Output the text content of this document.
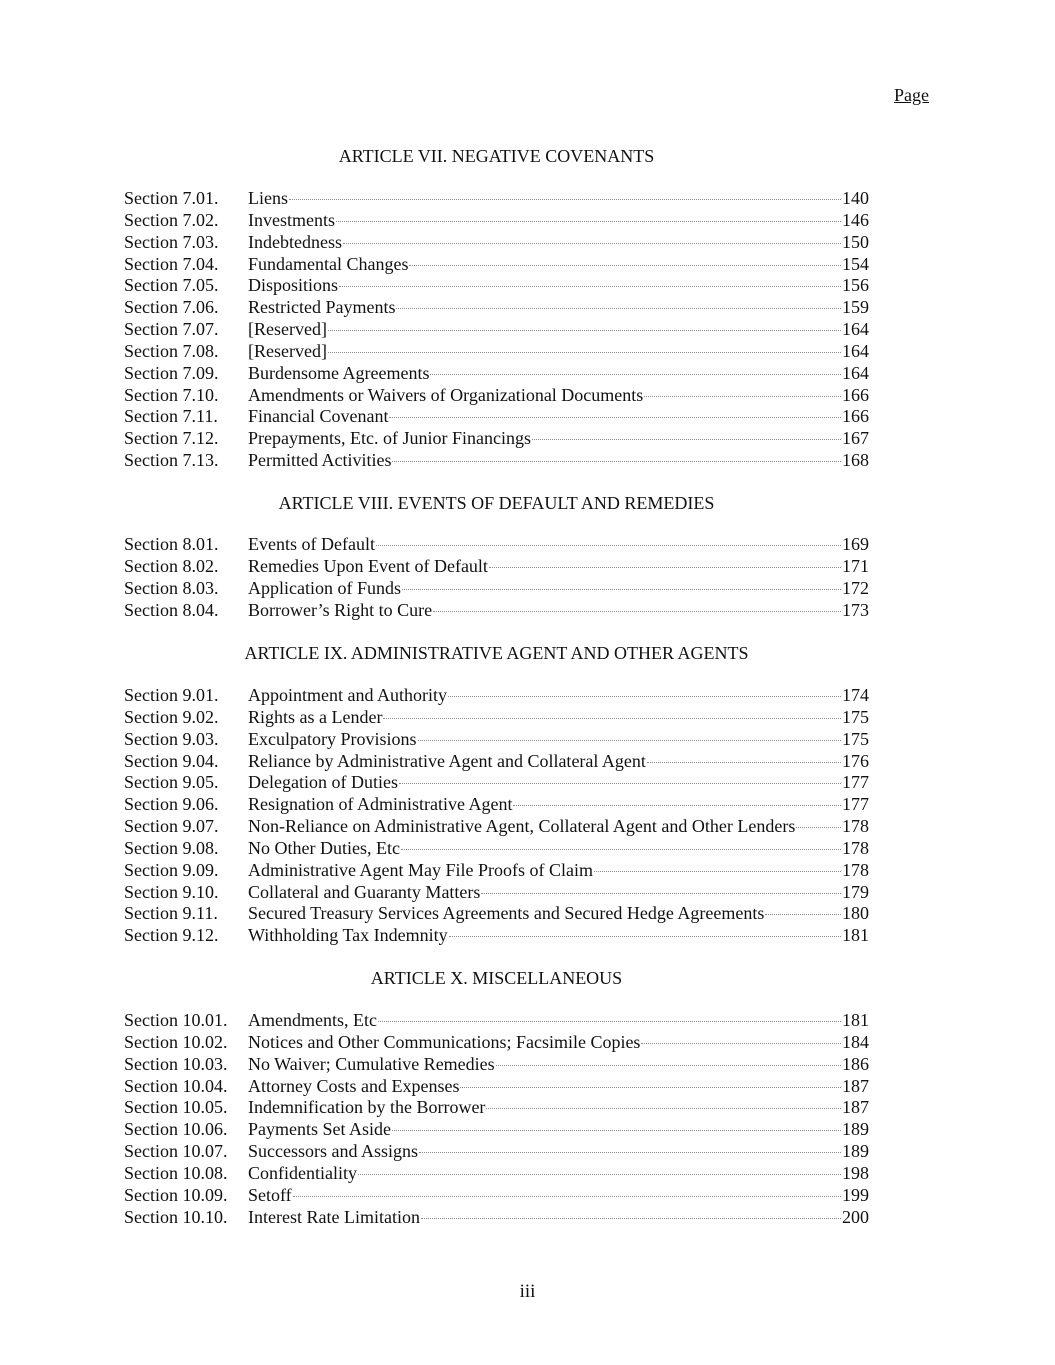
Page
ARTICLE VII. NEGATIVE COVENANTS
Section 7.01.	Liens	140
Section 7.02.	Investments	146
Section 7.03.	Indebtedness	150
Section 7.04.	Fundamental Changes	154
Section 7.05.	Dispositions	156
Section 7.06.	Restricted Payments	159
Section 7.07.	[Reserved]	164
Section 7.08.	[Reserved]	164
Section 7.09.	Burdensome Agreements	164
Section 7.10.	Amendments or Waivers of Organizational Documents	166
Section 7.11.	Financial Covenant	166
Section 7.12.	Prepayments, Etc. of Junior Financings	167
Section 7.13.	Permitted Activities	168
ARTICLE VIII. EVENTS OF DEFAULT AND REMEDIES
Section 8.01.	Events of Default	169
Section 8.02.	Remedies Upon Event of Default	171
Section 8.03.	Application of Funds	172
Section 8.04.	Borrower’s Right to Cure	173
ARTICLE IX. ADMINISTRATIVE AGENT AND OTHER AGENTS
Section 9.01.	Appointment and Authority	174
Section 9.02.	Rights as a Lender	175
Section 9.03.	Exculpatory Provisions	175
Section 9.04.	Reliance by Administrative Agent and Collateral Agent	176
Section 9.05.	Delegation of Duties	177
Section 9.06.	Resignation of Administrative Agent	177
Section 9.07.	Non-Reliance on Administrative Agent, Collateral Agent and Other Lenders	178
Section 9.08.	No Other Duties, Etc	178
Section 9.09.	Administrative Agent May File Proofs of Claim	178
Section 9.10.	Collateral and Guaranty Matters	179
Section 9.11.	Secured Treasury Services Agreements and Secured Hedge Agreements	180
Section 9.12.	Withholding Tax Indemnity	181
ARTICLE X. MISCELLANEOUS
Section 10.01.	Amendments, Etc	181
Section 10.02.	Notices and Other Communications; Facsimile Copies	184
Section 10.03.	No Waiver; Cumulative Remedies	186
Section 10.04.	Attorney Costs and Expenses	187
Section 10.05.	Indemnification by the Borrower	187
Section 10.06.	Payments Set Aside	189
Section 10.07.	Successors and Assigns	189
Section 10.08.	Confidentiality	198
Section 10.09.	Setoff	199
Section 10.10.	Interest Rate Limitation	200
iii
